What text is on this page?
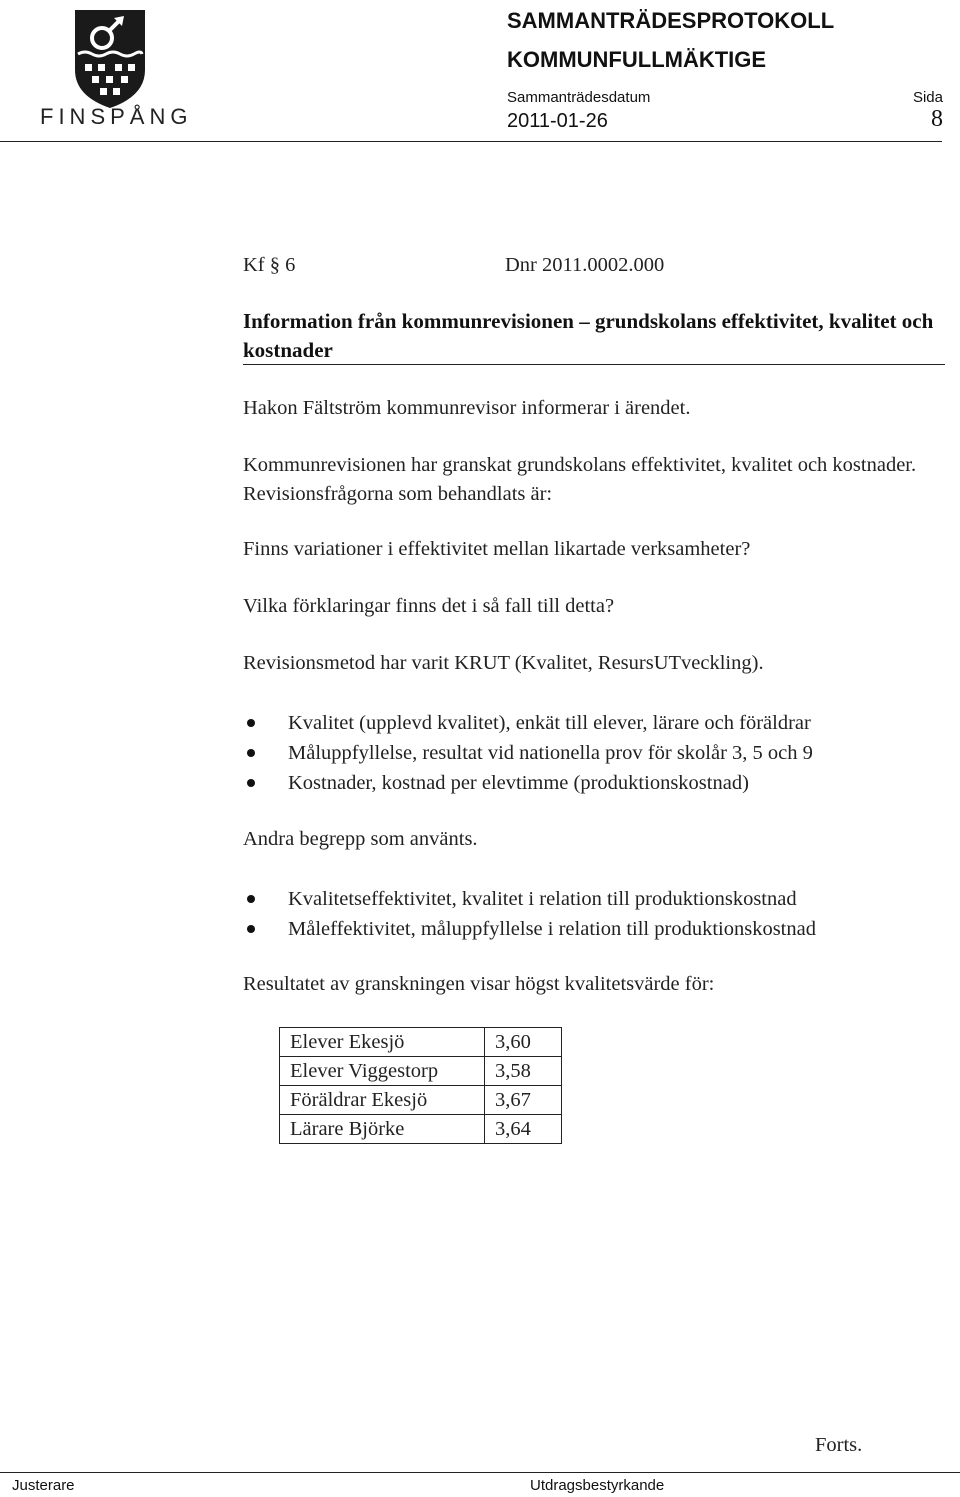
FINSPÅNG
SAMMANTRÄDESPROTOKOLL
KOMMUNFULLMÄKTIGE
Sammanträdesdatum
2011-01-26
Sida
8
Kf § 6	Dnr 2011.0002.000
Information från kommunrevisionen – grundskolans effektivitet, kvalitet och kostnader
Hakon Fältström kommunrevisor informerar i ärendet.
Kommunrevisionen har granskat grundskolans effektivitet, kvalitet och kostnader. Revisionsfrågorna som behandlats är:
Finns variationer i effektivitet mellan likartade verksamheter?
Vilka förklaringar finns det i så fall till detta?
Revisionsmetod har varit KRUT (Kvalitet, ResursUTveckling).
Kvalitet (upplevd kvalitet), enkät till elever, lärare och föräldrar
Måluppfyllelse, resultat vid nationella prov för skolår 3, 5 och 9
Kostnader, kostnad per elevtimme (produktionskostnad)
Andra begrepp som använts.
Kvalitetseffektivitet, kvalitet i relation till produktionskostnad
Måleffektivitet, måluppfyllelse i relation till produktionskostnad
Resultatet av granskningen visar högst kvalitetsvärde för:
Elever Ekesjö	3,60
Elever Viggestorp	3,58
Föräldrar Ekesjö	3,67
Lärare Björke	3,64
Forts.
Justerare	Utdragsbestyrkande
